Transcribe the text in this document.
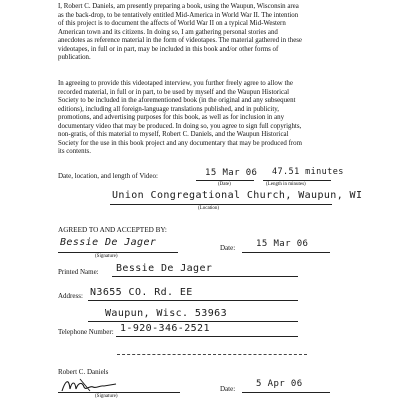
I, Robert C. Daniels, am presently preparing a book, using the Waupun, Wisconsin area
as the back-drop, to be tentatively entitled Mid-America in World War II. The intention
of this project is to document the affects of World War II on a typical Mid-Western
American town and its citizens. In doing so, I am gathering personal stories and
anecdotes as reference material in the form of videotapes. The material gathered in these
videotapes, in full or in part, may be included in this book and/or other forms of
publication.
In agreeing to provide this videotaped interview, you further freely agree to allow the
recorded material, in full or in part, to be used by myself and the Waupun Historical
Society to be included in the aforementioned book (in the original and any subsequent
editions), including all foreign-language translations published, and in publicity,
promotions, and advertising purposes for this book, as well as for inclusion in any
documentary video that may be produced. In doing so, you agree to sign full copyrights,
non-gratis, of this material to myself, Robert C. Daniels, and the Waupun Historical
Society for the use in this book project and any documentary that may be produced from
its contents.
Date, location, and length of Video:	15 Mar 06
(Date)
47.51 minutes
(Length in minutes)
Union Congregational Church, Waupun, WI
(Location)
AGREED TO AND ACCEPTED BY:
Bessie De Jager
(Signature)
Date: 15 Mar 06
Printed Name: Bessie De Jager
Address: N3655 CO. Rd. EE
Waupun, Wisc. 53963
Telephone Number: 1-920-346-2521
Robert C. Daniels
(Signature)
Date: 5 Apr 06
